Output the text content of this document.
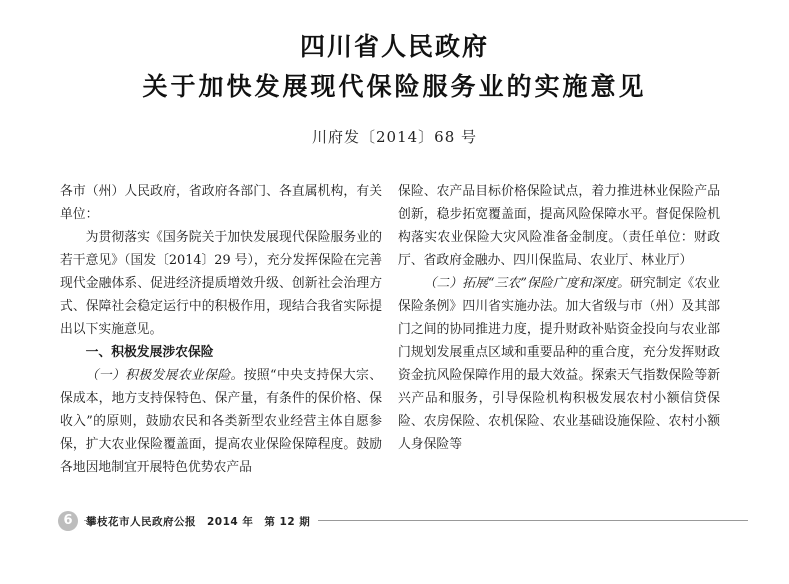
四川省人民政府
关于加快发展现代保险服务业的实施意见
川府发〔2014〕68 号

各市（州）人民政府，省政府各部门、各直属机构，有关单位：

为贯彻落实《国务院关于加快发展现代保险服务业的若干意见》（国发〔2014〕29 号），充分发挥保险在完善现代金融体系、促进经济提质增效升级、创新社会治理方式、保障社会稳定运行中的积极作用，现结合我省实际提出以下实施意见。

一、积极发展涉农保险

（一）积极发展农业保险。按照“中央支持保大宗、保成本，地方支持保特色、保产量，有条件的保价格、保收入”的原则，鼓励农民和各类新型农业经营主体自愿参保，扩大农业保险覆盖面，提高农业保险保障程度。鼓励各地因地制宜开展特色优势农产品

保险、农产品目标价格保险试点，着力推进林业保险产品创新，稳步拓宽覆盖面，提高风险保障水平。督促保险机构落实农业保险大灾风险准备金制度。（责任单位：财政厅、省政府金融办、四川保监局、农业厅、林业厅）

（二）拓展“三农”保险广度和深度。研究制定《农业保险条例》四川省实施办法。加大省级与市（州）及其部门之间的协同推进力度，提升财政补贴资金投向与农业部门规划发展重点区域和重要品种的重合度，充分发挥财政资金抗风险保障作用的最大效益。探索天气指数保险等新兴产品和服务，引导保险机构积极发展农村小额信贷保险、农房保险、农机保险、农业基础设施保险、农村小额人身保险等

6	攀枝花市人民政府公报　2014 年　第 12 期
